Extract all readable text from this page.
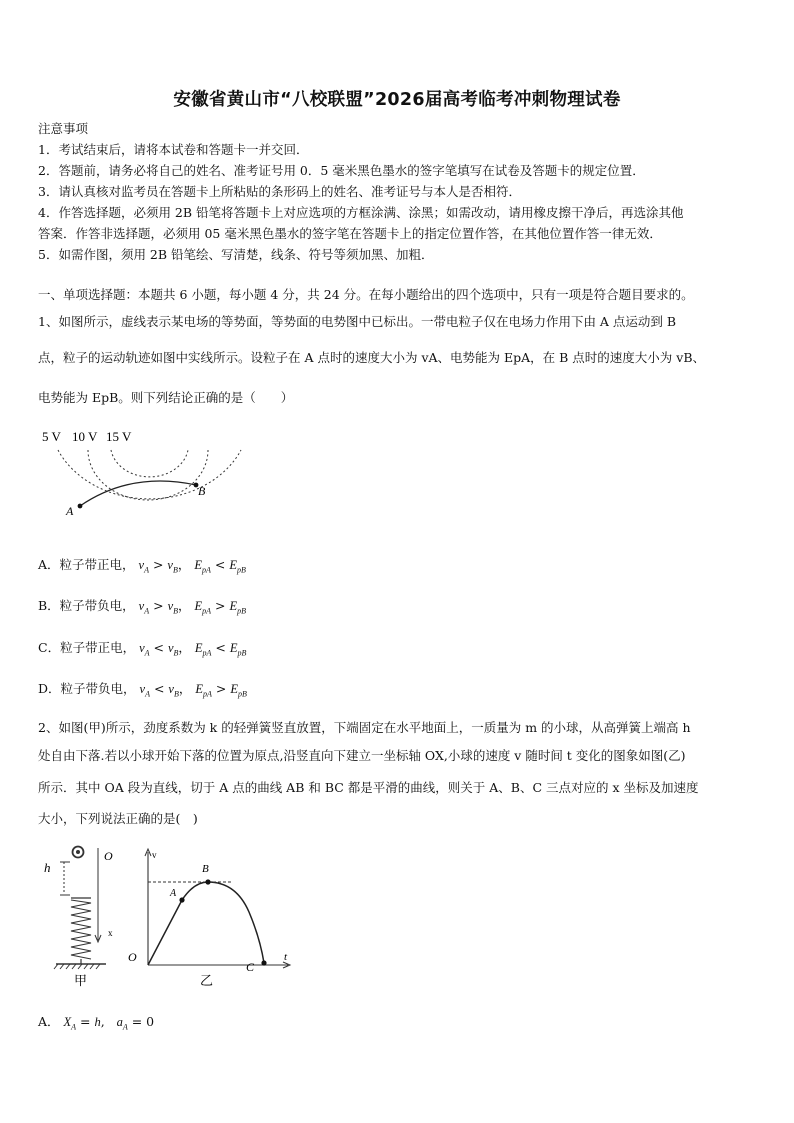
安徽省黄山市“八校联盟”2026届高考临考冲刺物理试卷
注意事项
1．考试结束后，请将本试卷和答题卡一并交回．
2．答题前，请务必将自己的姓名、准考证号用 0．5 毫米黑色墨水的签字笔填写在试卷及答题卡的规定位置．
3．请认真核对监考员在答题卡上所粘贴的条形码上的姓名、准考证号与本人是否相符．
4．作答选择题，必须用 2B 铅笔将答题卡上对应选项的方框涂满、涂黑；如需改动，请用橡皮擦干净后，再选涂其他
答案．作答非选择题，必须用 05 毫米黑色墨水的签字笔在答题卡上的指定位置作答，在其他位置作答一律无效．
5．如需作图，须用 2B 铅笔绘、写清楚，线条、符号等须加黑、加粗．
一、单项选择题：本题共 6 小题，每小题 4 分，共 24 分。在每小题给出的四个选项中，只有一项是符合题目要求的。
1、如图所示，虚线表示某电场的等势面，等势面的电势图中已标出。一带电粒子仅在电场力作用下由 A 点运动到 B
点，粒子的运动轨迹如图中实线所示。设粒子在 A 点时的速度大小为 vA、电势能为 EpA，在 B 点时的速度大小为 vB、
电势能为 EpB。则下列结论正确的是（　　）
5 V 10 V 15 V
A
B
A．粒子带正电， $v_A > v_B$， $E_{pA} < E_{pB}$
B．粒子带负电， $v_A > v_B$， $E_{pA} > E_{pB}$
C．粒子带正电， $v_A < v_B$， $E_{pA} < E_{pB}$
D．粒子带负电， $v_A < v_B$， $E_{pA} > E_{pB}$
2、如图(甲)所示，劲度系数为 k 的轻弹簧竖直放置，下端固定在水平地面上，一质量为 m 的小球，从高弹簧上端高 h
处自由下落.若以小球开始下落的位置为原点,沿竖直向下建立一坐标轴 OX,小球的速度 v 随时间 t 变化的图象如图(乙)
所示．其中 OA 段为直线，切于 A 点的曲线 AB 和 BC 都是平滑的曲线，则关于 A、B、C 三点对应的 x 坐标及加速度
大小，下列说法正确的是(　)
h
O
x
甲
v
t
O
A
B
C
乙
A． $X_A = h$,   $a_A = 0$
